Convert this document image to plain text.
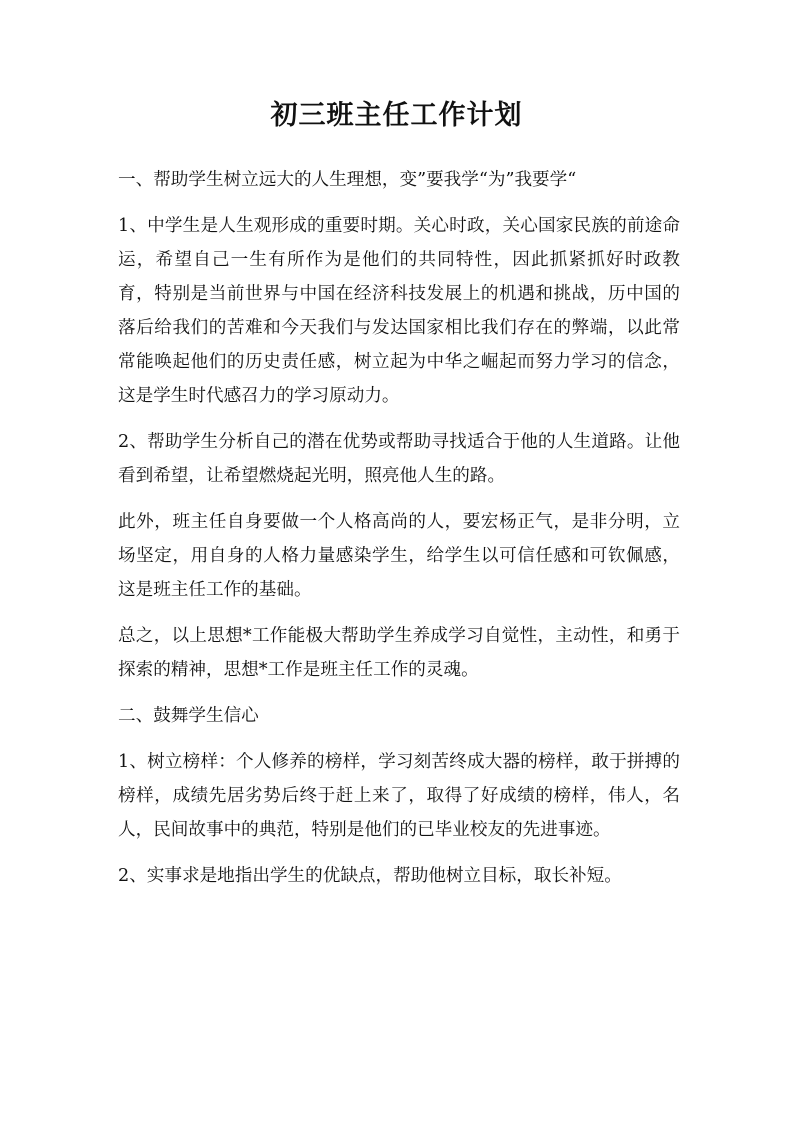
初三班主任工作计划

一、帮助学生树立远大的人生理想，变”要我学“为”我要学“

1、中学生是人生观形成的重要时期。关心时政，关心国家民族的前途命运，希望自己一生有所作为是他们的共同特性，因此抓紧抓好时政教育，特别是当前世界与中国在经济科技发展上的机遇和挑战，历中国的落后给我们的苦难和今天我们与发达国家相比我们存在的弊端，以此常常能唤起他们的历史责任感，树立起为中华之崛起而努力学习的信念，这是学生时代感召力的学习原动力。

2、帮助学生分析自己的潜在优势或帮助寻找适合于他的人生道路。让他看到希望，让希望燃烧起光明，照亮他人生的路。

此外，班主任自身要做一个人格高尚的人，要宏杨正气，是非分明，立场坚定，用自身的人格力量感染学生，给学生以可信任感和可钦佩感，这是班主任工作的基础。

总之，以上思想*工作能极大帮助学生养成学习自觉性，主动性，和勇于探索的精神，思想*工作是班主任工作的灵魂。

二、鼓舞学生信心

1、树立榜样：个人修养的榜样，学习刻苦终成大器的榜样，敢于拼搏的榜样，成绩先居劣势后终于赶上来了，取得了好成绩的榜样，伟人，名人，民间故事中的典范，特别是他们的已毕业校友的先进事迹。

2、实事求是地指出学生的优缺点，帮助他树立目标，取长补短。
